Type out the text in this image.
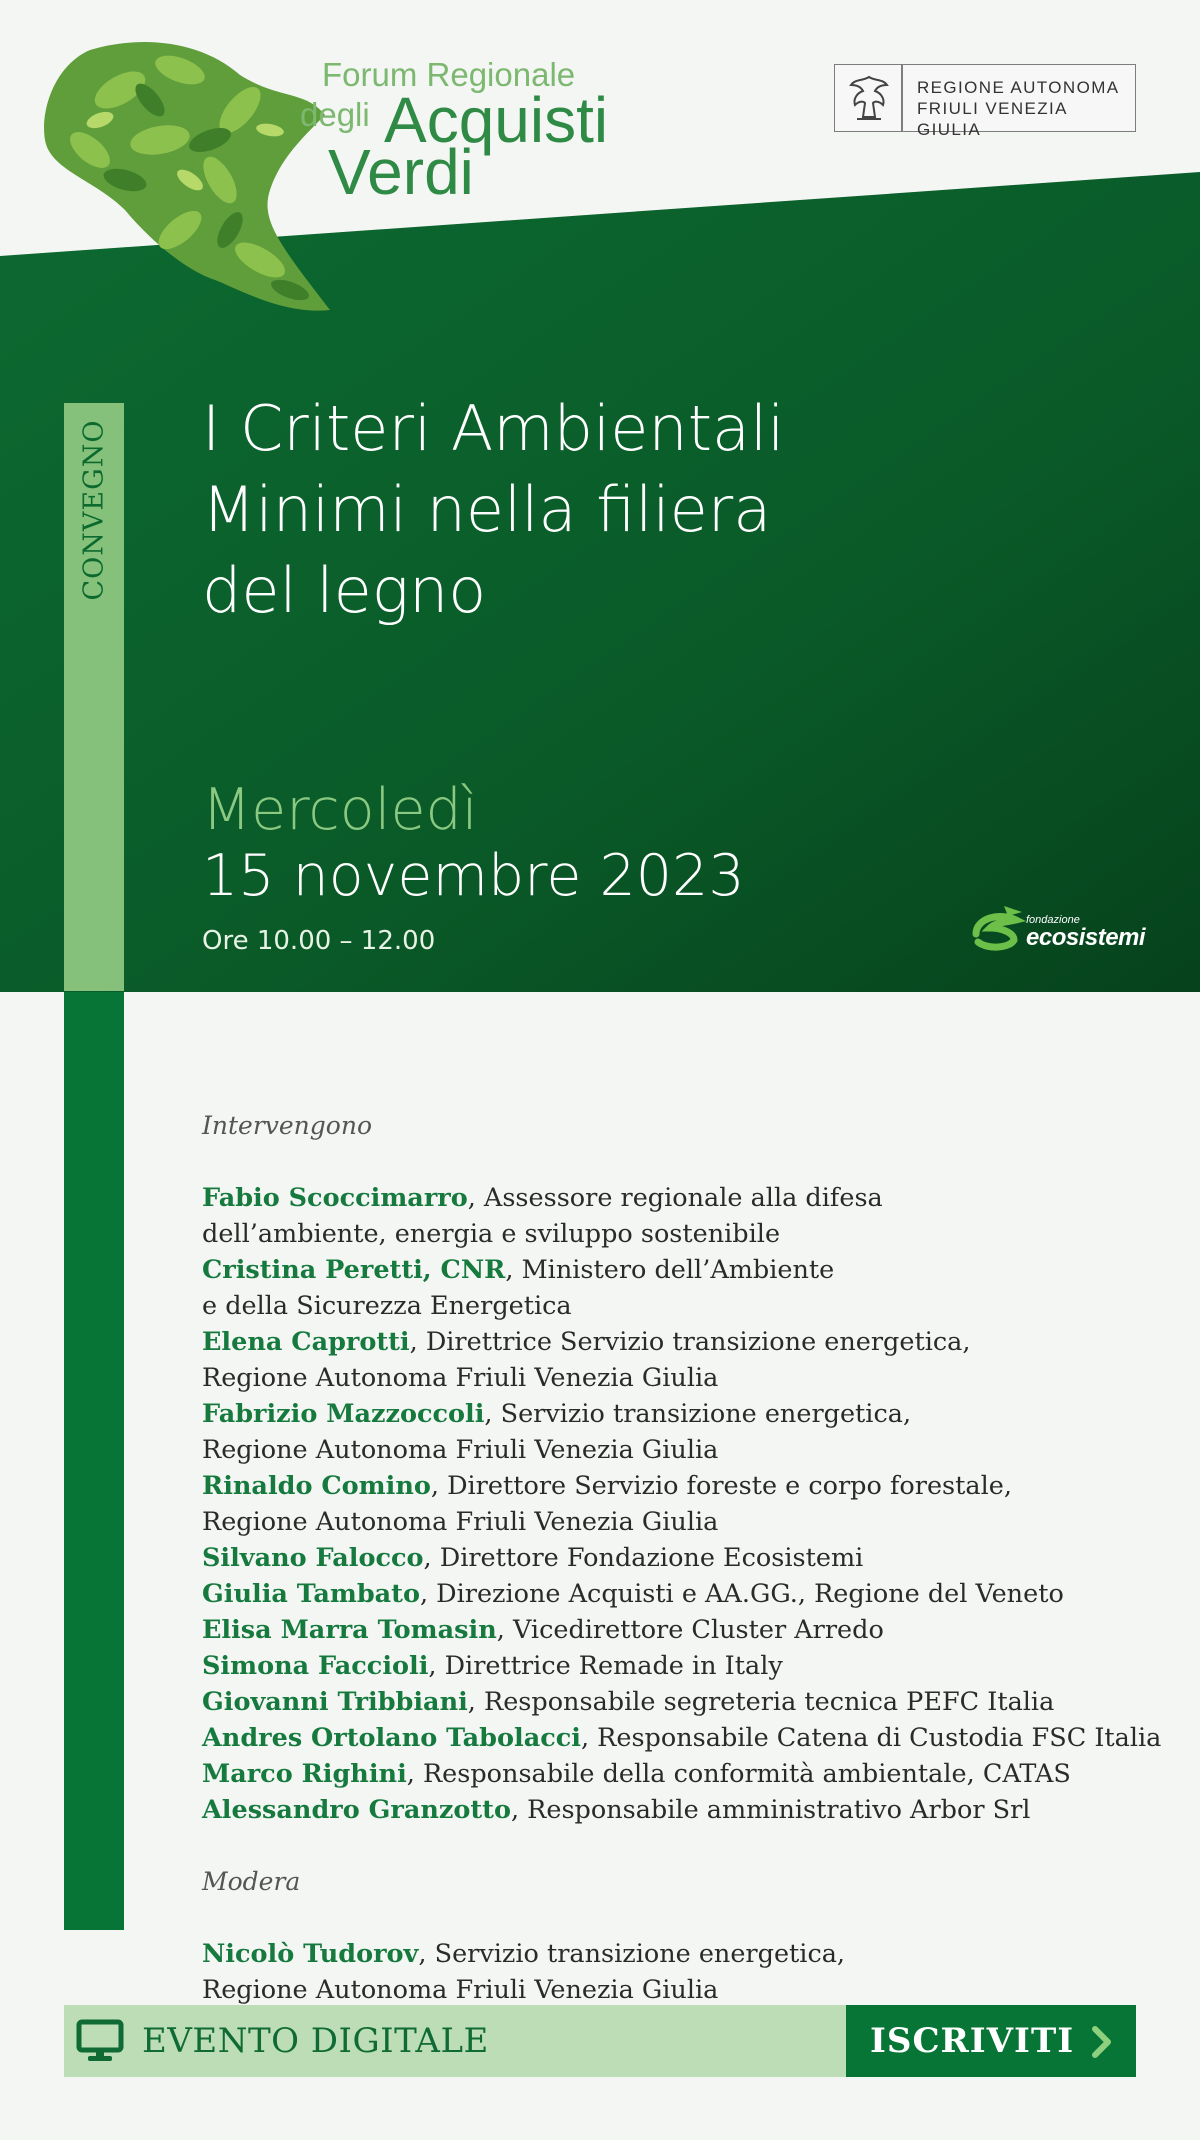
Forum Regionale
degli Acquisti
Verdi
REGIONE AUTONOMA
FRIULI VENEZIA GIULIA
CONVEGNO I Criteri Ambientali
Minimi nella filiera
del legno
Mercoledì
15 novembre 2023
Ore 10.00 – 12.00
fondazione
ecosistemi
Intervengono
Fabio Scoccimarro, Assessore regionale alla difesa
dell’ambiente, energia e sviluppo sostenibile
Cristina Peretti, CNR, Ministero dell’Ambiente
e della Sicurezza Energetica
Elena Caprotti, Direttrice Servizio transizione energetica,
Regione Autonoma Friuli Venezia Giulia
Fabrizio Mazzoccoli, Servizio transizione energetica,
Regione Autonoma Friuli Venezia Giulia
Rinaldo Comino, Direttore Servizio foreste e corpo forestale,
Regione Autonoma Friuli Venezia Giulia
Silvano Falocco, Direttore Fondazione Ecosistemi
Giulia Tambato, Direzione Acquisti e AA.GG., Regione del Veneto
Elisa Marra Tomasin, Vicedirettore Cluster Arredo
Simona Faccioli, Direttrice Remade in Italy
Giovanni Tribbiani, Responsabile segreteria tecnica PEFC Italia
Andres Ortolano Tabolacci, Responsabile Catena di Custodia FSC Italia
Marco Righini, Responsabile della conformità ambientale, CATAS
Alessandro Granzotto, Responsabile amministrativo Arbor Srl
Modera
Nicolò Tudorov, Servizio transizione energetica,
Regione Autonoma Friuli Venezia Giulia
EVENTO DIGITALE	ISCRIVITI
